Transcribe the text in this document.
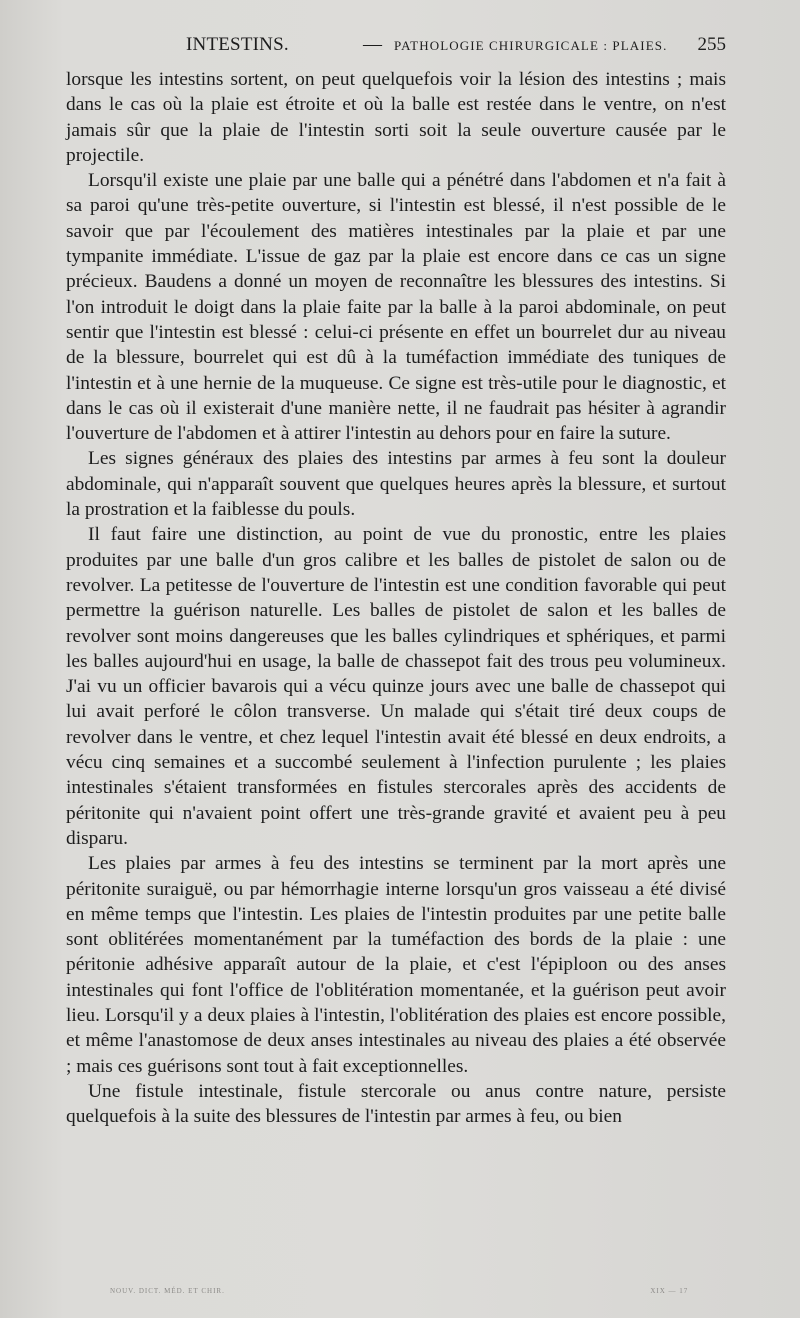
INTESTINS.	— PATHOLOGIE CHIRURGICALE : PLAIES. 255

lorsque les intestins sortent, on peut quelquefois voir la lésion des intestins ; mais dans le cas où la plaie est étroite et où la balle est restée dans le ventre, on n'est jamais sûr que la plaie de l'intestin sorti soit la seule ouverture causée par le projectile.

Lorsqu'il existe une plaie par une balle qui a pénétré dans l'abdomen et n'a fait à sa paroi qu'une très-petite ouverture, si l'intestin est blessé, il n'est possible de le savoir que par l'écoulement des matières intestinales par la plaie et par une tympanite immédiate. L'issue de gaz par la plaie est encore dans ce cas un signe précieux. Baudens a donné un moyen de reconnaître les blessures des intestins. Si l'on introduit le doigt dans la plaie faite par la balle à la paroi abdominale, on peut sentir que l'intestin est blessé : celui-ci présente en effet un bourrelet dur au niveau de la blessure, bourrelet qui est dû à la tuméfaction immédiate des tuniques de l'intestin et à une hernie de la muqueuse. Ce signe est très-utile pour le diagnostic, et dans le cas où il existerait d'une manière nette, il ne faudrait pas hésiter à agrandir l'ouverture de l'abdomen et à attirer l'intestin au dehors pour en faire la suture.

Les signes généraux des plaies des intestins par armes à feu sont la douleur abdominale, qui n'apparaît souvent que quelques heures après la blessure, et surtout la prostration et la faiblesse du pouls.

Il faut faire une distinction, au point de vue du pronostic, entre les plaies produites par une balle d'un gros calibre et les balles de pistolet de salon ou de revolver. La petitesse de l'ouverture de l'intestin est une condition favorable qui peut permettre la guérison naturelle. Les balles de pistolet de salon et les balles de revolver sont moins dangereuses que les balles cylindriques et sphériques, et parmi les balles aujourd'hui en usage, la balle de chassepot fait des trous peu volumineux. J'ai vu un officier bavarois qui a vécu quinze jours avec une balle de chassepot qui lui avait perforé le côlon transverse. Un malade qui s'était tiré deux coups de revolver dans le ventre, et chez lequel l'intestin avait été blessé en deux endroits, a vécu cinq semaines et a succombé seulement à l'infection purulente ; les plaies intestinales s'étaient transformées en fistules stercorales après des accidents de péritonite qui n'avaient point offert une très-grande gravité et avaient peu à peu disparu.

Les plaies par armes à feu des intestins se terminent par la mort après une péritonite suraiguë, ou par hémorrhagie interne lorsqu'un gros vaisseau a été divisé en même temps que l'intestin. Les plaies de l'intestin produites par une petite balle sont oblitérées momentanément par la tuméfaction des bords de la plaie : une péritonie adhésive apparaît autour de la plaie, et c'est l'épiploon ou des anses intestinales qui font l'office de l'oblitération momentanée, et la guérison peut avoir lieu. Lorsqu'il y a deux plaies à l'intestin, l'oblitération des plaies est encore possible, et même l'anastomose de deux anses intestinales au niveau des plaies a été observée ; mais ces guérisons sont tout à fait exceptionnelles.

Une fistule intestinale, fistule stercorale ou anus contre nature, persiste quelquefois à la suite des blessures de l'intestin par armes à feu, ou bien

NOUV. DICT. MÉD. ET CHIR.	XIX — 17
